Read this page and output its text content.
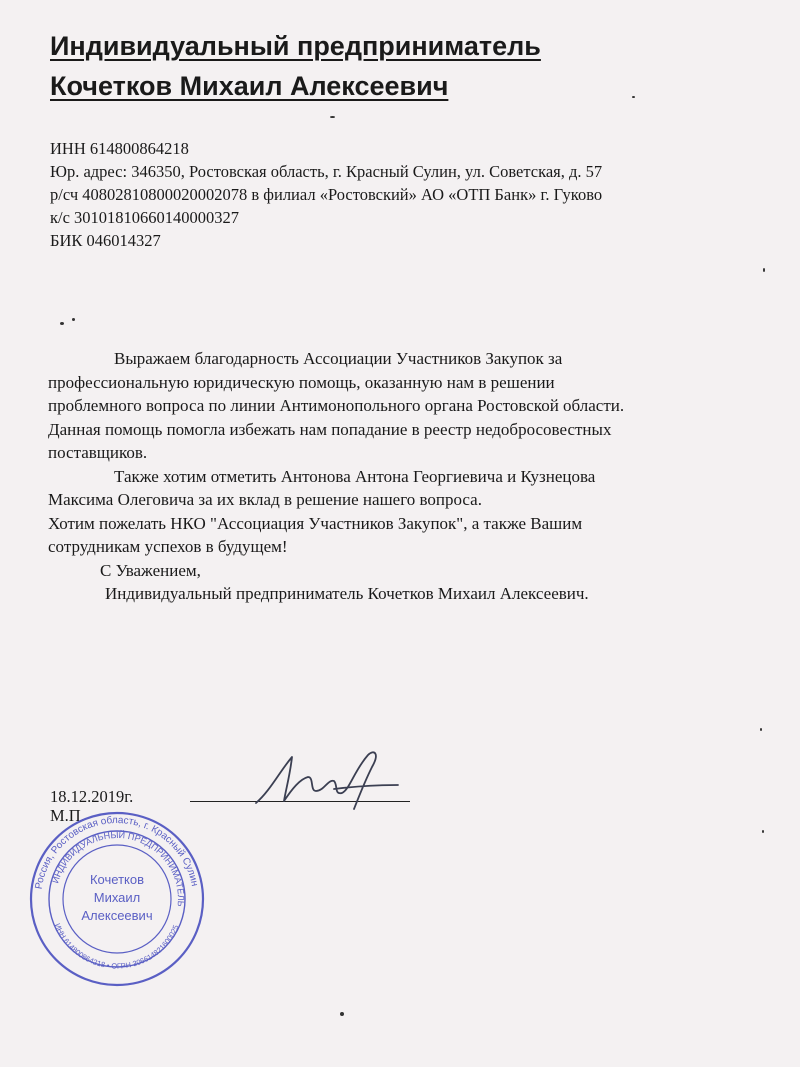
Индивидуальный предприниматель
Кочетков Михаил Алексеевич
ИНН 614800864218
Юр. адрес: 346350, Ростовская область, г. Красный Сулин, ул. Советская, д. 57
р/сч 40802810800020002078 в филиал «Ростовский» АО «ОТП Банк» г. Гуково
к/с 30101810660140000327
БИК 046014327
Выражаем благодарность Ассоциации Участников Закупок за
профессиональную юридическую помощь, оказанную нам в решении
проблемного вопроса по линии Антимонопольного органа Ростовской области.
Данная помощь помогла избежать нам попадание в реестр недобросовестных
поставщиков.
Также хотим отметить Антонова Антона Георгиевича и Кузнецова
Максима Олеговича за их вклад в решение нашего вопроса.
Хотим пожелать НКО "Ассоциация Участников Закупок", а также Вашим
сотрудникам успехов в будущем!
С Уважением,
Индивидуальный предприниматель Кочетков Михаил Алексеевич.
18.12.2019г.
М.П.
Россия, Ростовская область, г. Красный Сулин
ИНДИВИДУАЛЬНЫЙ ПРЕДПРИНИМАТЕЛЬ
ИНН 614800864218 • ОГРН 306614821600025
Кочетков
Михаил
Алексеевич
